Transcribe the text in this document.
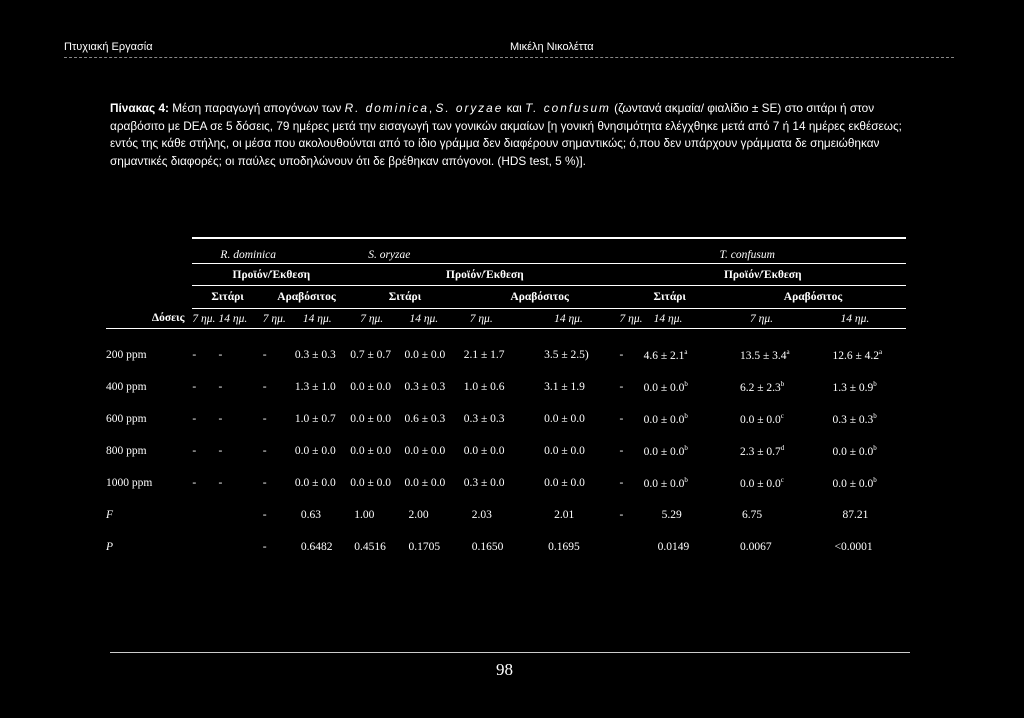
Πτυχιακή Εργασία	Μικέλη Νικολέττα
Πίνακας 4: Μέση παραγωγή απογόνων των R. dominica, S. oryzae και T. confusum (ζωντανά ακμαία/ φιαλίδιο ± SE) στο σιτάρι ή στον αραβόσιτο με DEA σε 5 δόσεις, 79 ημέρες μετά την εισαγωγή των γονικών ακμαίων [η γονική θνησιμότητα ελέγχθηκε μετά από 7 ή 14 ημέρες εκθέσεως; εντός της κάθε στήλης, οι μέσα που ακολουθούνται από το ίδιο γράμμα δεν διαφέρουν σημαντικώς; ό,που δεν υπάρχουν γράμματα δε σημειώθηκαν σημαντικές διαφορές; οι παύλες υποδηλώνουν ότι δε βρέθηκαν απόγονοι. (HDS test, 5 %)].

	R. dominica				S. oryzae				T. confusum			
	Προϊόν/Έκθεση				Προϊόν/Έκθεση				Προϊόν/Έκθεση			
	Σιτάρι		Αραβόσιτος		Σιτάρι		Αραβόσιτος		Σιτάρι		Αραβόσιτος	
Δόσεις	7 ημ.	14 ημ.	7 ημ.	14 ημ.	7 ημ.	14 ημ.	7 ημ.	14 ημ.	7 ημ.	14 ημ.	7 ημ.	14 ημ.

200 ppm	-	-	-	0.3 ± 0.3	0.7 ± 0.7	0.0 ± 0.0	2.1 ± 1.7	3.5 ± 2.5)	-	4.6 ± 2.1$^a$	13.5 ± 3.4$^a$	12.6 ± 4.2$^a$
400 ppm	-	-	-	1.3 ± 1.0	0.0 ± 0.0	0.3 ± 0.3	1.0 ± 0.6	3.1 ± 1.9	-	0.0 ± 0.0$^b$	6.2 ± 2.3$^b$	1.3 ± 0.9$^b$
600 ppm	-	-	-	1.0 ± 0.7	0.0 ± 0.0	0.6 ± 0.3	0.3 ± 0.3	0.0 ± 0.0	-	0.0 ± 0.0$^b$	0.0 ± 0.0$^c$	0.3 ± 0.3$^b$
800 ppm	-	-	-	0.0 ± 0.0	0.0 ± 0.0	0.0 ± 0.0	0.0 ± 0.0	0.0 ± 0.0	-	0.0 ± 0.0$^b$	2.3 ± 0.7$^d$	0.0 ± 0.0$^b$
1000 ppm	-	-	-	0.0 ± 0.0	0.0 ± 0.0	0.0 ± 0.0	0.3 ± 0.0	0.0 ± 0.0	-	0.0 ± 0.0$^b$	0.0 ± 0.0$^c$	0.0 ± 0.0$^b$
F			-	0.63	1.00	2.00	2.03	2.01	-	5.29	6.75	87.21
P			-	0.6482	0.4516	0.1705	0.1650	0.1695		0.0149	0.0067	<0.0001
98
